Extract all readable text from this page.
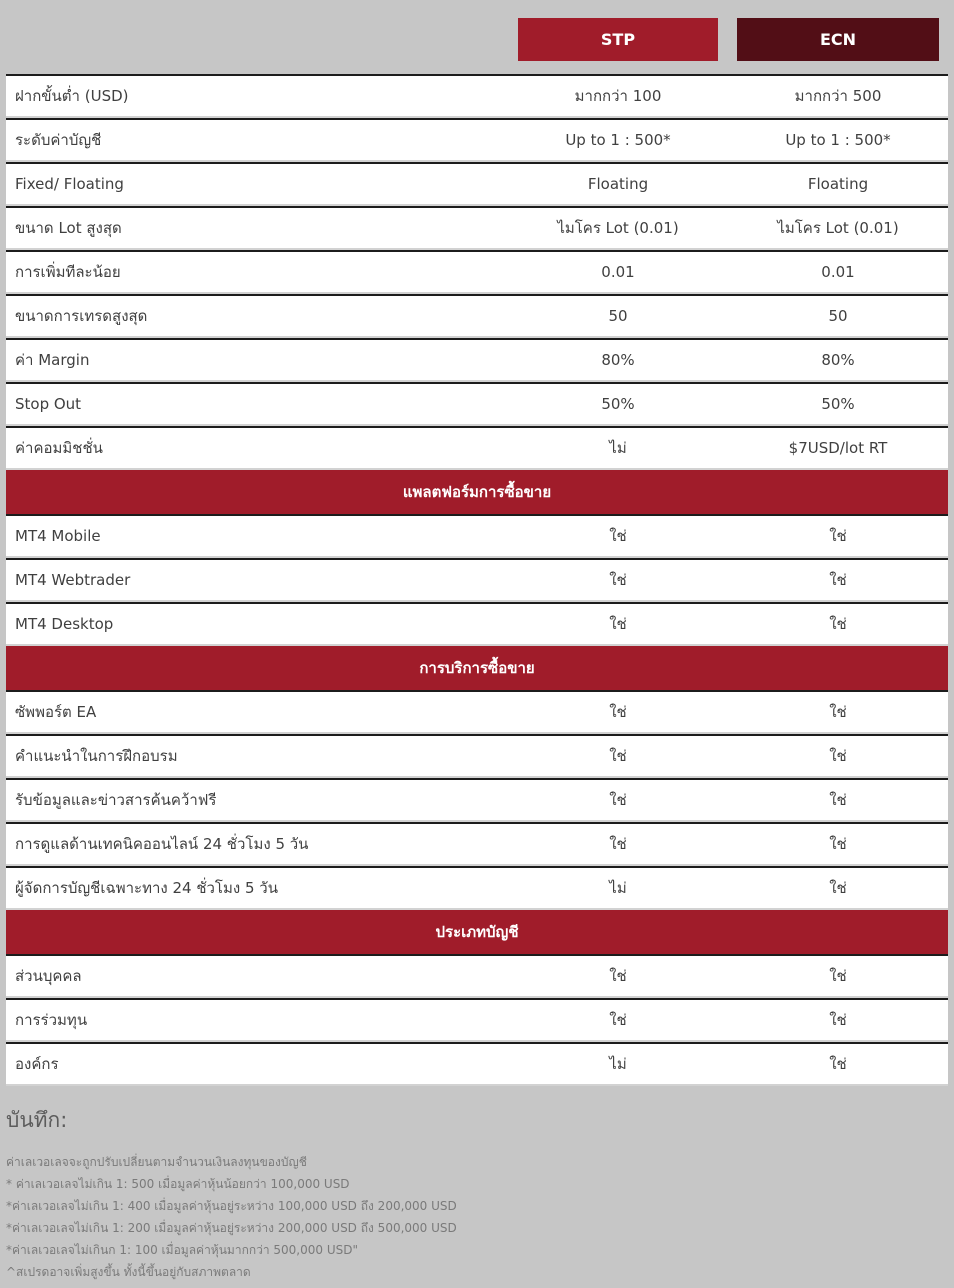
STP	ECN
ฝากขั้นต่ำ (USD)	มากกว่า 100	มากกว่า 500
ระดับค่าบัญชี	Up to 1 : 500*	Up to 1 : 500*
Fixed/ Floating	Floating	Floating
ขนาด Lot สูงสุด	ไมโคร Lot (0.01)	ไมโคร Lot (0.01)
การเพิ่มทีละน้อย	0.01	0.01
ขนาดการเทรดสูงสุด	50	50
ค่า Margin	80%	80%
Stop Out	50%	50%
ค่าคอมมิชชั่น	ไม่	$7USD/lot RT
แพลตฟอร์มการซื้อขาย
MT4 Mobile	ใช่	ใช่
MT4 Webtrader	ใช่	ใช่
MT4 Desktop	ใช่	ใช่
การบริการซื้อขาย
ซัพพอร์ต EA	ใช่	ใช่
คำแนะนำในการฝึกอบรม	ใช่	ใช่
รับข้อมูลและข่าวสารค้นคว้าฟรี	ใช่	ใช่
การดูแลด้านเทคนิคออนไลน์ 24 ชั่วโมง 5 วัน	ใช่	ใช่
ผู้จัดการบัญชีเฉพาะทาง 24 ชั่วโมง 5 วัน	ไม่	ใช่
ประเภทบัญชี
ส่วนบุคคล	ใช่	ใช่
การร่วมทุน	ใช่	ใช่
องค์กร	ไม่	ใช่
บันทึก:
ค่าเลเวอเลจจะถูกปรับเปลี่ยนตามจำนวนเงินลงทุนของบัญชี
* ค่าเลเวอเลจไม่เกิน 1: 500 เมื่อมูลค่าหุ้นน้อยกว่า 100,000 USD
*ค่าเลเวอเลจไม่เกิน 1: 400 เมื่อมูลค่าหุ้นอยู่ระหว่าง 100,000 USD ถึง 200,000 USD
*ค่าเลเวอเลจไม่เกิน 1: 200 เมื่อมูลค่าหุ้นอยู่ระหว่าง 200,000 USD ถึง 500,000 USD
*ค่าเลเวอเลจไม่เกินก 1: 100 เมื่อมูลค่าหุ้นมากกว่า 500,000 USD"
^สเปรดอาจเพิ่มสูงขึ้น ทั้งนี้ขึ้นอยู่กับสภาพตลาด
